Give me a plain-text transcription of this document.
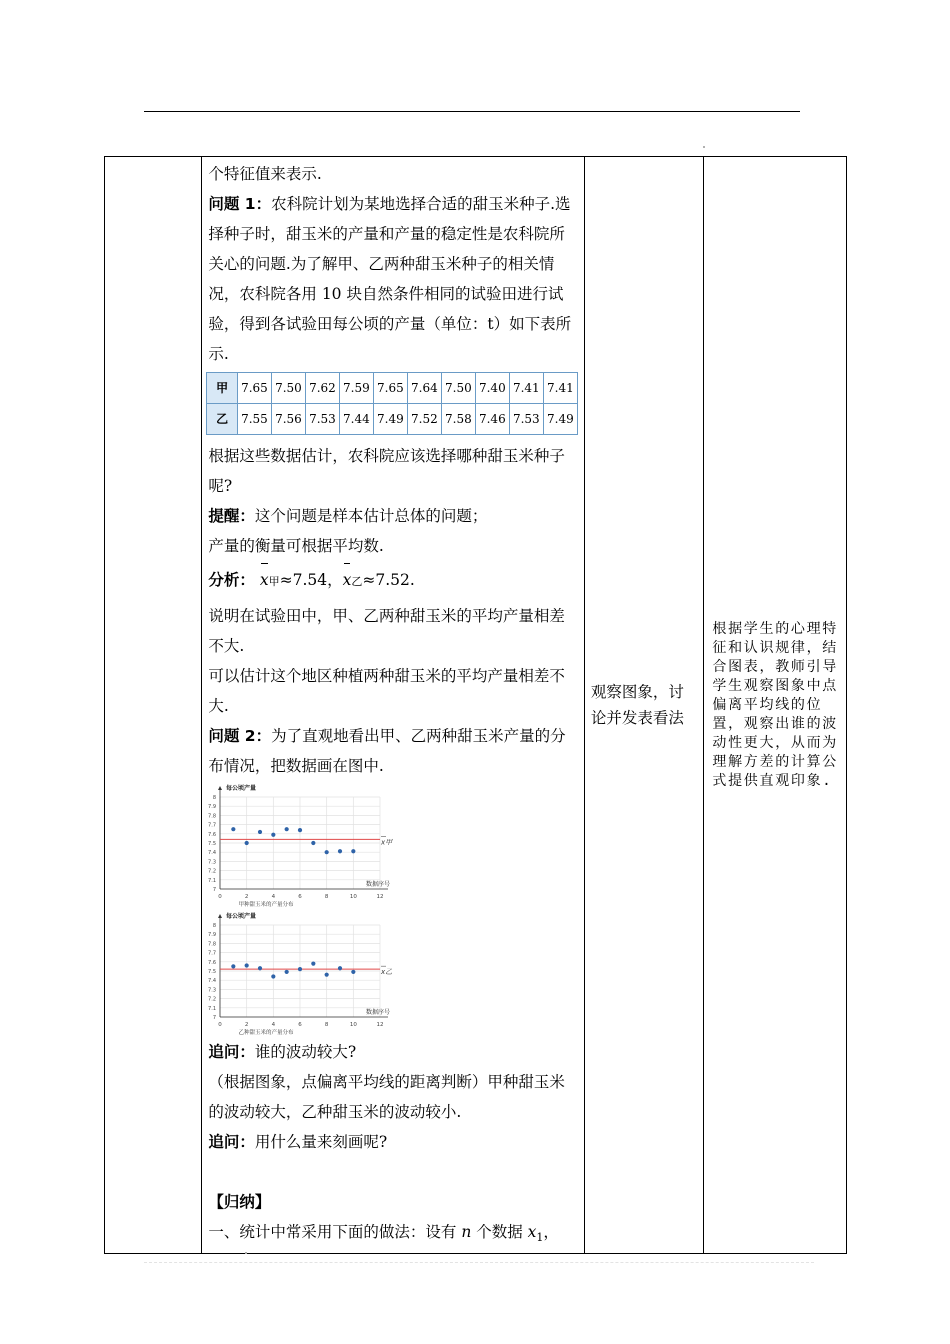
个特征值来表示.

问题 1：农科院计划为某地选择合适的甜玉米种子.选择种子时，甜玉米的产量和产量的稳定性是农科院所关心的问题.为了解甲、乙两种甜玉米种子的相关情况，农科院各用 10 块自然条件相同的试验田进行试验，得到各试验田每公顷的产量（单位：t）如下表所示.

甲	7.65	7.50	7.62	7.59	7.65	7.64	7.50	7.40	7.41	7.41
乙	7.55	7.56	7.53	7.44	7.49	7.52	7.58	7.46	7.53	7.49

根据这些数据估计，农科院应该选择哪种甜玉米种子呢?

提醒：这个问题是样本估计总体的问题；

产量的衡量可根据平均数.

分析： x甲≈7.54，x乙≈7.52.

说明在试验田中，甲、乙两种甜玉米的平均产量相差不大.

可以估计这个地区种植两种甜玉米的平均产量相差不大.

问题 2：为了直观地看出甲、乙两种甜玉米产量的分布情况，把数据画在图中.

7
7.1
7.2
7.3
7.4
7.5
7.6
7.7
7.8
7.9
8
0	2	4	6	8	10	12
每公顷产量
数据序号
x甲
甲种甜玉米的产量分布
7
7.1
7.2
7.3
7.4
7.5
7.6
7.7
7.8
7.9
8
0	2	4	6	8	10	12
每公顷产量
数据序号
x乙
乙种甜玉米的产量分布

追问：谁的波动较大?

（根据图象，点偏离平均线的距离判断）甲种甜玉米的波动较大，乙种甜玉米的波动较小.

追问：用什么量来刻画呢?

【归纳】

一、统计中常采用下面的做法：设有 n 个数据 $x_1$，

观察图象，讨论并发表看法

根据学生的心理特征和认识规律，结合图表，教师引导学生观察图象中点偏离平均线的位置，观察出谁的波动性更大，从而为理解方差的计算公式提供直观印象.
